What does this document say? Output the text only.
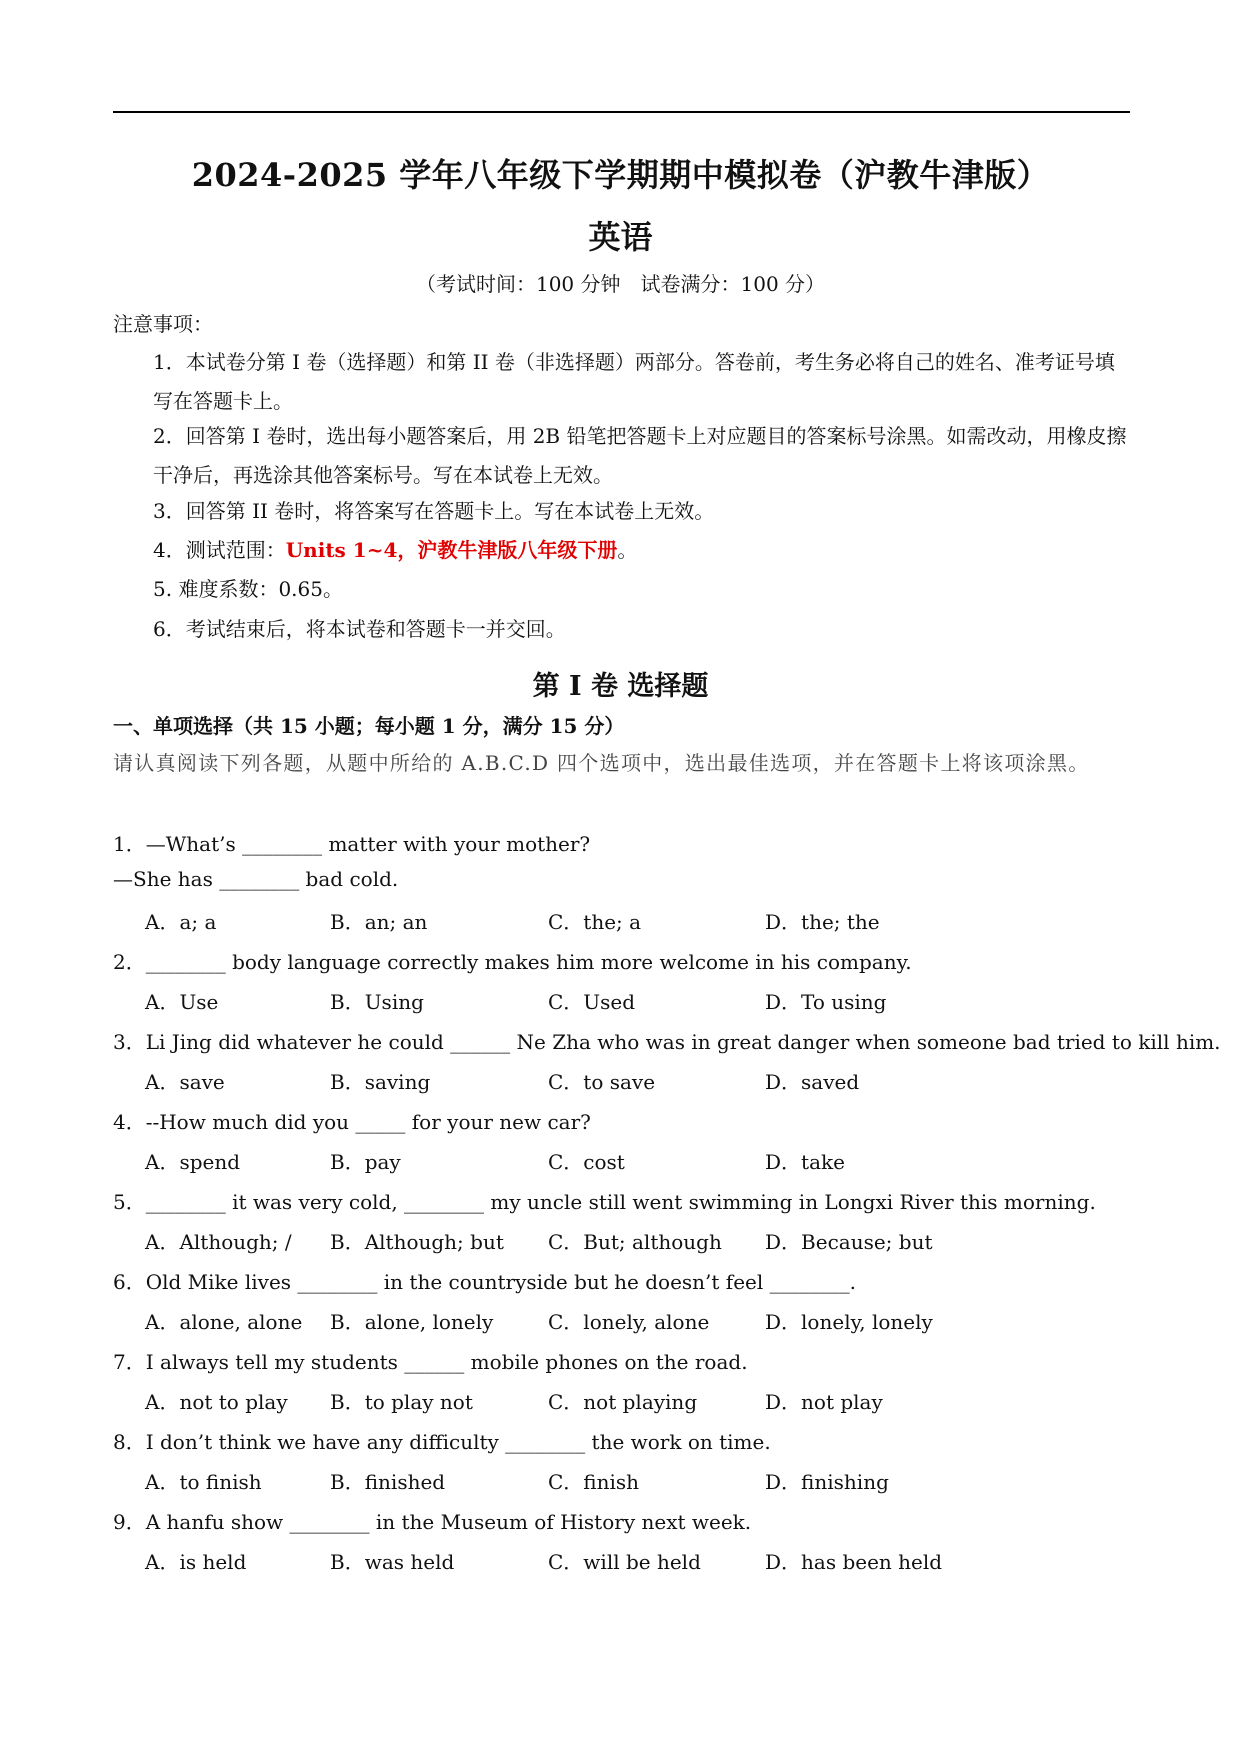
2024-2025 学年八年级下学期期中模拟卷（沪教牛津版）
英语
（考试时间：100 分钟 试卷满分：100 分）
注意事项：
1．本试卷分第 I 卷（选择题）和第 II 卷（非选择题）两部分。答卷前，考生务必将自己的姓名、准考证号填写在答题卡上。
2．回答第 I 卷时，选出每小题答案后，用 2B 铅笔把答题卡上对应题目的答案标号涂黑。如需改动，用橡皮擦干净后，再选涂其他答案标号。写在本试卷上无效。
3．回答第 II 卷时，将答案写在答题卡上。写在本试卷上无效。
4．测试范围：Units 1~4，沪教牛津版八年级下册。
5. 难度系数：0.65。
6．考试结束后，将本试卷和答题卡一并交回。
第 I 卷 选择题
一、单项选择（共 15 小题；每小题 1 分，满分 15 分）
请认真阅读下列各题，从题中所给的 A.B.C.D 四个选项中，选出最佳选项，并在答题卡上将该项涂黑。
1．—What’s ________ matter with your mother?
—She has ________ bad cold.
A．a; a	B．an; an	C．the; a	D．the; the
2．________ body language correctly makes him more welcome in his company.
A．Use	B．Using	C．Used	D．To using
3．Li Jing did whatever he could ______ Ne Zha who was in great danger when someone bad tried to kill him.
A．save	B．saving	C．to save	D．saved
4．--How much did you _____ for your new car?
A．spend	B．pay	C．cost	D．take
5．________ it was very cold, ________ my uncle still went swimming in Longxi River this morning.
A．Although; / B．Although; but C．But; although D．Because; but
6．Old Mike lives ________ in the countryside but he doesn’t feel ________.
A．alone, alone B．alone, lonely	C．lonely, alone	D．lonely, lonely
7．I always tell my students ______ mobile phones on the road.
A．not to play B．to play not	C．not playing	D．not play
8．I don’t think we have any difficulty ________ the work on time.
A．to finish	B．finished	C．finish	D．finishing
9．A hanfu show ________ in the Museum of History next week.
A．is held	B．was held	C．will be held	D．has been held
